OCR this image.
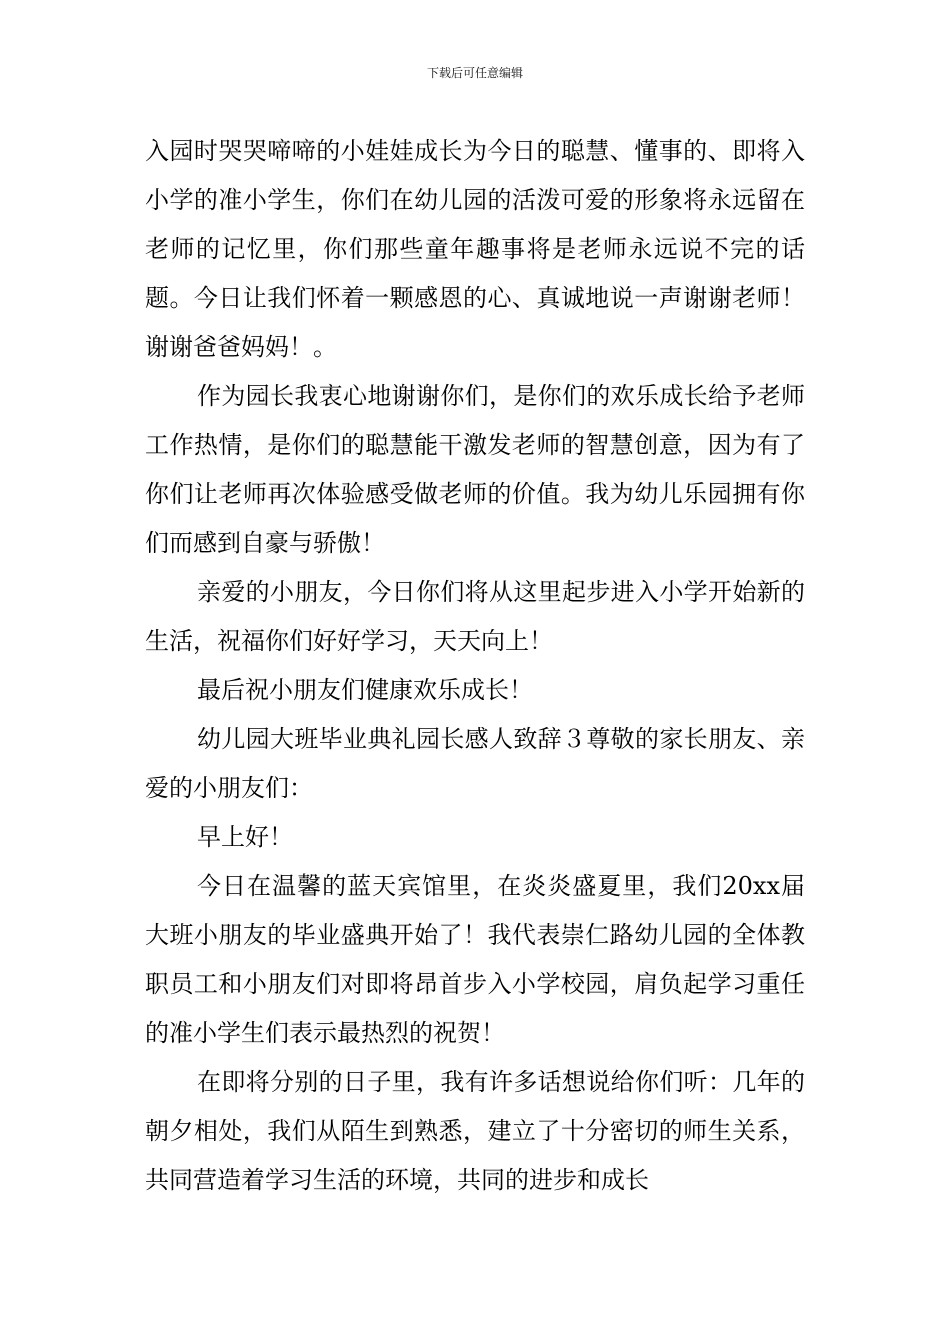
下载后可任意编辑

入园时哭哭啼啼的小娃娃成长为今日的聪慧、懂事的、即将入小学的准小学生，你们在幼儿园的活泼可爱的形象将永远留在老师的记忆里，你们那些童年趣事将是老师永远说不完的话题。今日让我们怀着一颗感恩的心、真诚地说一声谢谢老师！谢谢爸爸妈妈！。

作为园长我衷心地谢谢你们，是你们的欢乐成长给予老师工作热情，是你们的聪慧能干激发老师的智慧创意，因为有了你们让老师再次体验感受做老师的价值。我为幼儿乐园拥有你们而感到自豪与骄傲！

亲爱的小朋友，今日你们将从这里起步进入小学开始新的生活，祝福你们好好学习，天天向上！

最后祝小朋友们健康欢乐成长！

幼儿园大班毕业典礼园长感人致辞３尊敬的家长朋友、亲爱的小朋友们：

早上好！

今日在温馨的蓝天宾馆里，在炎炎盛夏里，我们20xx届大班小朋友的毕业盛典开始了！我代表崇仁路幼儿园的全体教职员工和小朋友们对即将昂首步入小学校园，肩负起学习重任的准小学生们表示最热烈的祝贺！

在即将分别的日子里，我有许多话想说给你们听：几年的朝夕相处，我们从陌生到熟悉，建立了十分密切的师生关系，共同营造着学习生活的环境，共同的进步和成长
